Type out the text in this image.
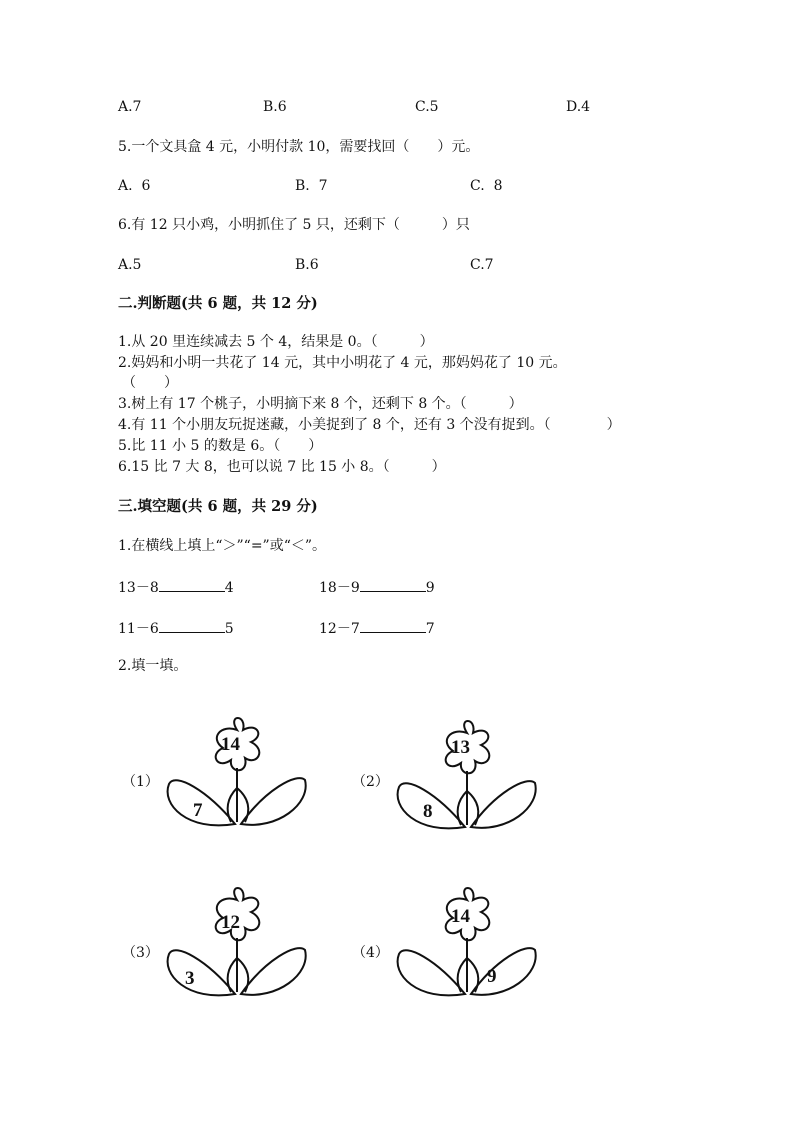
A.7	B.6	C.5	D.4
5.一个文具盒 4 元，小明付款 10，需要找回（　　）元。
A.  6	B.  7	C.  8
6.有 12 只小鸡，小明抓住了 5 只，还剩下（　　　）只
A.5	B.6	C.7
二.判断题(共 6 题，共 12 分)
1.从 20 里连续减去 5 个 4，结果是 0。（　　　）
2.妈妈和小明一共花了 14 元，其中小明花了 4 元，那妈妈花了 10 元。
（　　）
3.树上有 17 个桃子，小明摘下来 8 个，还剩下 8 个。（　　　）
4.有 11 个小朋友玩捉迷藏，小美捉到了 8 个，还有 3 个没有捉到。（　　　　）
5.比 11 小 5 的数是 6。（　　）
6.15 比 7 大 8，也可以说 7 比 15 小 8。（　　　）
三.填空题(共 6 题，共 29 分)
1.在横线上填上“＞”“=”或“＜”。
13－8	4	18－9	9
11－6	5	12－7	7
2.填一填。
（1）
14
7
（2）
13
8
（3）
12
3
（4）
14
9
